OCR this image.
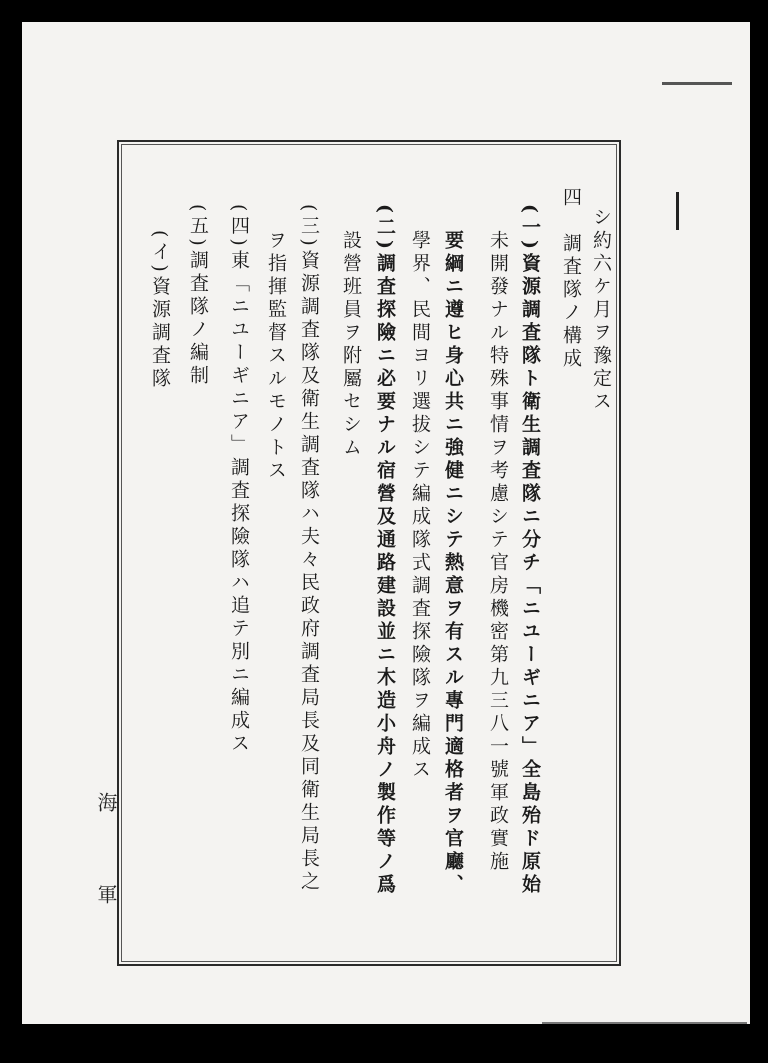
シ約六ケ月ヲ豫定ス
四　調査隊ノ構成
(一)資源調査隊ト衛生調査隊ニ分チ「ニユーギニア」全島殆ド原始
未開發ナル特殊事情ヲ考慮シテ官房機密第九三八一號軍政實施
要綱ニ遵ヒ身心共ニ強健ニシテ熱意ヲ有スル專門適格者ヲ官廳、
學界、民間ヨリ選拔シテ編成隊式調査探險隊ヲ編成ス
(二)調査探險ニ必要ナル宿營及通路建設並ニ木造小舟ノ製作等ノ爲
設營班員ヲ附屬セシム
(三)資源調査隊及衛生調査隊ハ夫々民政府調査局長及同衛生局長之
ヲ指揮監督スルモノトス
(四)東「ニユーギニア」調査探險隊ハ追テ別ニ編成ス
(五)調査隊ノ編制
(イ)資源調査隊
海
軍
